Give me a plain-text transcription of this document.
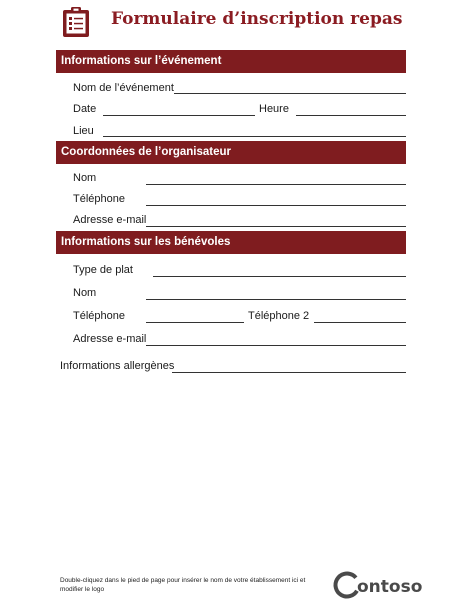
Formulaire d’inscription repas
Informations sur l’événement
Nom de l’événement
Date	Heure
Lieu
Coordonnées de l’organisateur
Nom
Téléphone
Adresse e-mail
Informations sur les bénévoles
Type de plat
Nom
Téléphone	Téléphone 2
Adresse e-mail
Informations allergènes
Double-cliquez dans le pied de page pour insérer le nom de votre établissement ici et modifier le logo	ontoso
